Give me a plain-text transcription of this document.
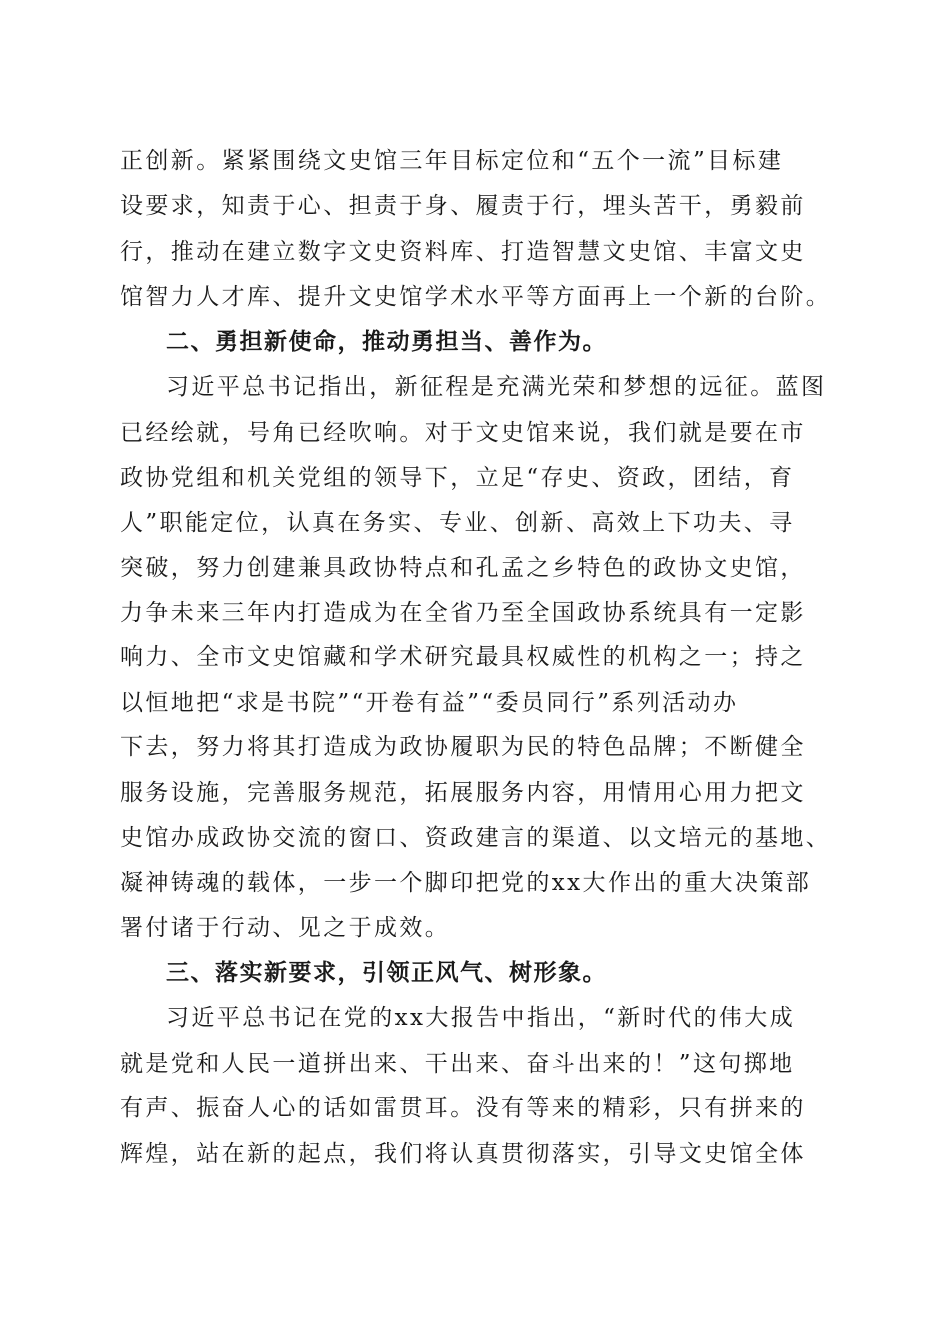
正创新。紧紧围绕文史馆三年目标定位和“五个一流”目标建
设要求，知责于心、担责于身、履责于行，埋头苦干，勇毅前
行，推动在建立数字文史资料库、打造智慧文史馆、丰富文史
馆智力人才库、提升文史馆学术水平等方面再上一个新的台阶。
二、勇担新使命，推动勇担当、善作为。
习近平总书记指出，新征程是充满光荣和梦想的远征。蓝图
已经绘就，号角已经吹响。对于文史馆来说，我们就是要在市
政协党组和机关党组的领导下，立足“存史、资政，团结，育
人”职能定位，认真在务实、专业、创新、高效上下功夫、寻
突破，努力创建兼具政协特点和孔孟之乡特色的政协文史馆，
力争未来三年内打造成为在全省乃至全国政协系统具有一定影
响力、全市文史馆藏和学术研究最具权威性的机构之一；持之
以恒地把“求是书院”“开卷有益”“委员同行”系列活动办
下去，努力将其打造成为政协履职为民的特色品牌；不断健全
服务设施，完善服务规范，拓展服务内容，用情用心用力把文
史馆办成政协交流的窗口、资政建言的渠道、以文培元的基地、
凝神铸魂的载体，一步一个脚印把党的xx大作出的重大决策部
署付诸于行动、见之于成效。
三、落实新要求，引领正风气、树形象。
习近平总书记在党的xx大报告中指出，“新时代的伟大成
就是党和人民一道拼出来、干出来、奋斗出来的！”这句掷地
有声、振奋人心的话如雷贯耳。没有等来的精彩，只有拼来的
辉煌，站在新的起点，我们将认真贯彻落实，引导文史馆全体
